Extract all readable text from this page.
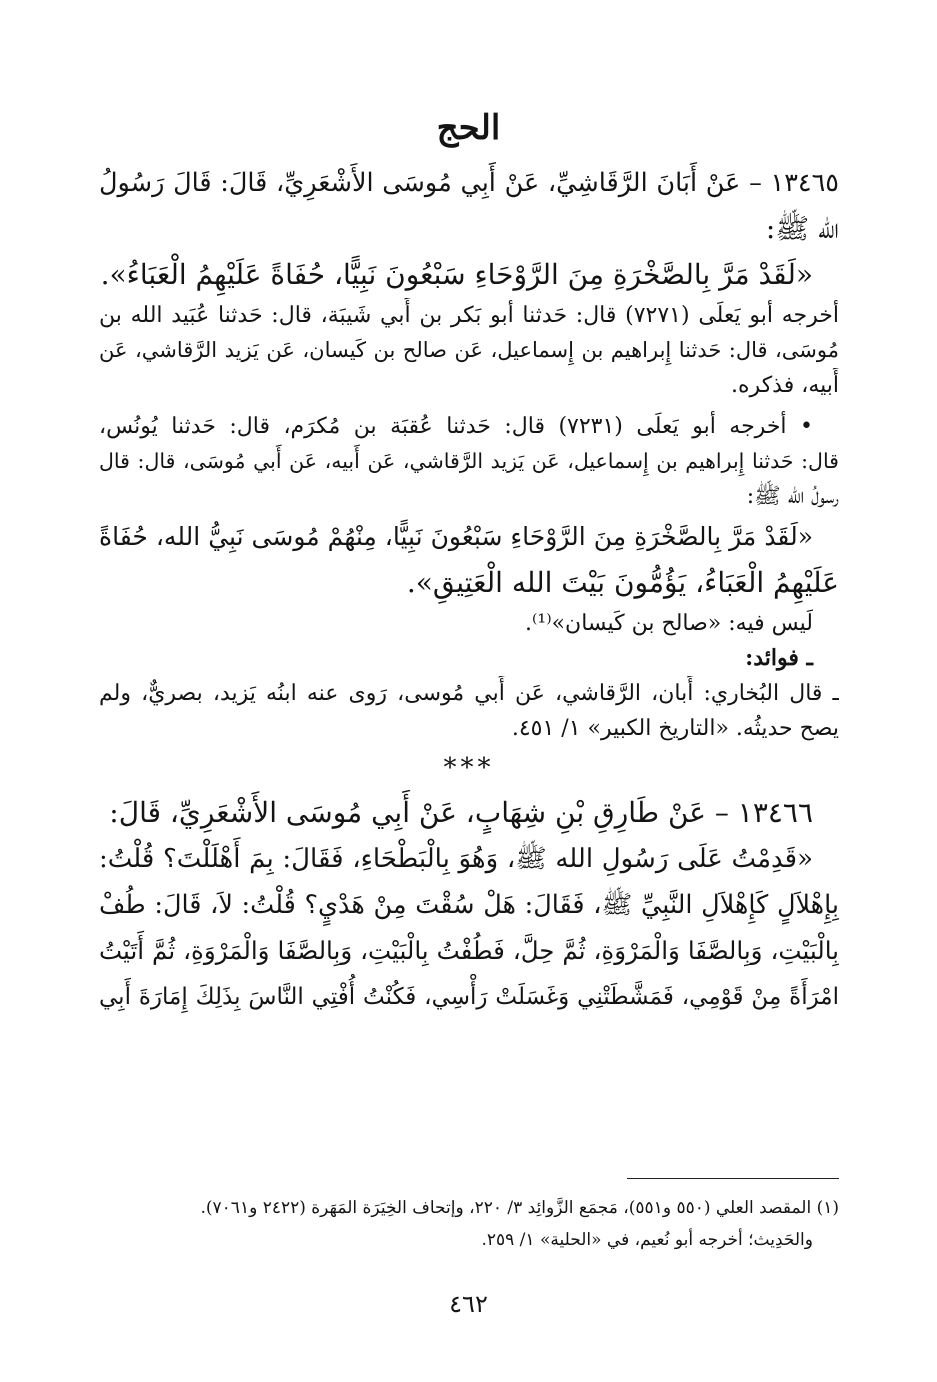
الحج
١٣٤٦٥ – عَنْ أَبَانَ الرَّقَاشِيِّ، عَنْ أَبِي مُوسَى الأَشْعَرِيِّ، قَالَ: قَالَ رَسُولُ
الله ﷺ:
«لَقَدْ مَرَّ بِالصَّخْرَةِ مِنَ الرَّوْحَاءِ سَبْعُونَ نَبِيًّا، حُفَاةً عَلَيْهِمُ الْعَبَاءُ».
أخرجه أبو يَعلَى (٧٢٧١) قال: حَدثنا أبو بَكر بن أَبي شَيبَة، قال: حَدثنا عُبَيد الله بن
مُوسَى، قال: حَدثنا إِبراهيم بن إِسماعيل، عَن صالح بن كَيسان، عَن يَزيد الرَّقاشي، عَن
أَبيه، فذكره.
• أخرجه أبو يَعلَى (٧٢٣١) قال: حَدثنا عُقبَة بن مُكرَم، قال: حَدثنا يُونُس،
قال: حَدثنا إِبراهيم بن إِسماعيل، عَن يَزيد الرَّقاشي، عَن أَبيه، عَن أَبي مُوسَى، قال: قال
رسولُ الله ﷺ:
«لَقَدْ مَرَّ بِالصَّخْرَةِ مِنَ الرَّوْحَاءِ سَبْعُونَ نَبِيًّا، مِنْهُمْ مُوسَى نَبِيُّ الله، حُفَاةً
عَلَيْهِمُ الْعَبَاءُ، يَؤُمُّونَ بَيْتَ الله الْعَتِيقِ».
لَيس فيه: «صالح بن كَيسان»⁽¹⁾.
ـ فوائد:
ـ قال البُخاري: أَبان، الرَّقاشي، عَن أَبي مُوسى، رَوى عنه ابنُه يَزيد، بصريٌّ، ولم
يصح حديثُه. «التاريخ الكبير» ١/ ٤٥١.
***
١٣٤٦٦ – عَنْ طَارِقِ بْنِ شِهَابٍ، عَنْ أَبِي مُوسَى الأَشْعَرِيِّ، قَالَ:
«قَدِمْتُ عَلَى رَسُولِ الله ﷺ، وَهُوَ بِالْبَطْحَاءِ، فَقَالَ: بِمَ أَهْلَلْتَ؟ قُلْتُ:
بِإِهْلاَلٍ كَإِهْلاَلِ النَّبِيِّ ﷺ، فَقَالَ: هَلْ سُقْتَ مِنْ هَدْيٍ؟ قُلْتُ: لاَ، قَالَ: طُفْ
بِالْبَيْتِ، وَبِالصَّفَا وَالْمَرْوَةِ، ثُمَّ حِلَّ، فَطُفْتُ بِالْبَيْتِ، وَبِالصَّفَا وَالْمَرْوَةِ، ثُمَّ أَتَيْتُ
امْرَأَةً مِنْ قَوْمِي، فَمَشَّطَتْنِي وَغَسَلَتْ رَأْسِي، فَكُنْتُ أُفْتِي النَّاسَ بِذَلِكَ إِمَارَةَ أَبِي
(١) المقصد العلي (٥٥٠ و٥٥١)، مَجمَع الزَّوائِد ٣/ ٢٢٠، وإتحاف الخِيَرَة المَهَرة (٢٤٢٢ و٧٠٦١).
والحَدِيث؛ أخرجه أبو نُعيم، في «الحلية» ١/ ٢٥٩.
٤٦٢
